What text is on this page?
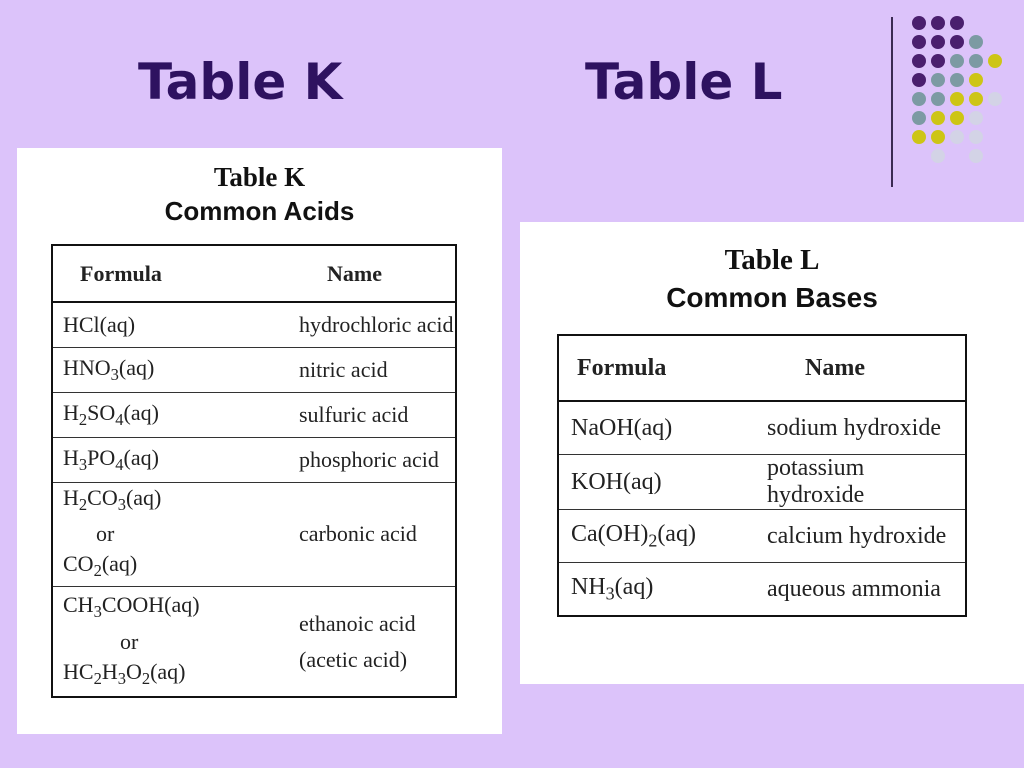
Table K	Table L
Table K
Common Acids
Formula	Name
HCl(aq)	hydrochloric acid
$HNO_3(aq)$	nitric acid
$H_2SO_4(aq)$	sulfuric acid
$H_3PO_4(aq)$	phosphoric acid

$H_2CO_3(aq)$
or
$CO_2(aq)$	carbonic acid

$CH_3COOH(aq)$
or
$HC_2H_3O_2(aq)$	ethanoic acid
(acetic acid)
Table L
Common Bases
Formula	Name
NaOH(aq)	sodium hydroxide
KOH(aq)	potassium hydroxide
$Ca(OH)_2(aq)$	calcium hydroxide
$NH_3(aq)$	aqueous ammonia
